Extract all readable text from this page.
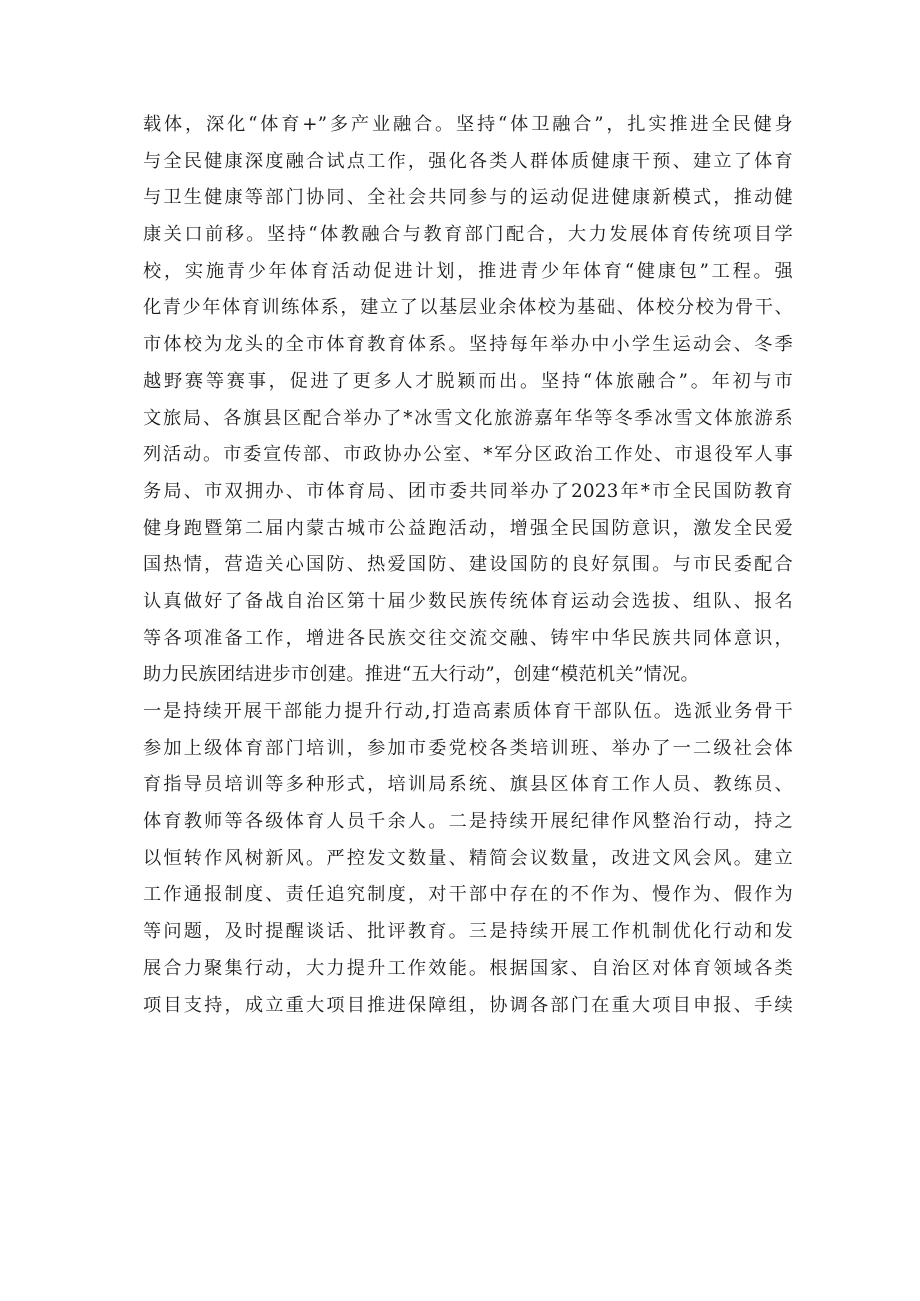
载体，深化“体育+”多产业融合。坚持“体卫融合”，扎实推进全民健身
与全民健康深度融合试点工作，强化各类人群体质健康干预、建立了体育
与卫生健康等部门协同、全社会共同参与的运动促进健康新模式，推动健
康关口前移。坚持“体教融合与教育部门配合，大力发展体育传统项目学
校，实施青少年体育活动促进计划，推进青少年体育“健康包”工程。强
化青少年体育训练体系，建立了以基层业余体校为基础、体校分校为骨干、
市体校为龙头的全市体育教育体系。坚持每年举办中小学生运动会、冬季
越野赛等赛事，促进了更多人才脱颖而出。坚持“体旅融合”。年初与市
文旅局、各旗县区配合举办了*冰雪文化旅游嘉年华等冬季冰雪文体旅游系
列活动。市委宣传部、市政协办公室、*军分区政治工作处、市退役军人事
务局、市双拥办、市体育局、团市委共同举办了2023年*市全民国防教育
健身跑暨第二届内蒙古城市公益跑活动，增强全民国防意识，激发全民爱
国热情，营造关心国防、热爱国防、建设国防的良好氛围。与市民委配合
认真做好了备战自治区第十届少数民族传统体育运动会选拔、组队、报名
等各项准备工作，增进各民族交往交流交融、铸牢中华民族共同体意识，
助力民族团结进步市创建。推进“五大行动”，创建“模范机关”情况。
一是持续开展干部能力提升行动,打造高素质体育干部队伍。选派业务骨干
参加上级体育部门培训，参加市委党校各类培训班、举办了一二级社会体
育指导员培训等多种形式，培训局系统、旗县区体育工作人员、教练员、
体育教师等各级体育人员千余人。二是持续开展纪律作风整治行动，持之
以恒转作风树新风。严控发文数量、精简会议数量，改进文风会风。建立
工作通报制度、责任追究制度，对干部中存在的不作为、慢作为、假作为
等问题，及时提醒谈话、批评教育。三是持续开展工作机制优化行动和发
展合力聚集行动，大力提升工作效能。根据国家、自治区对体育领域各类
项目支持，成立重大项目推进保障组，协调各部门在重大项目申报、手续
